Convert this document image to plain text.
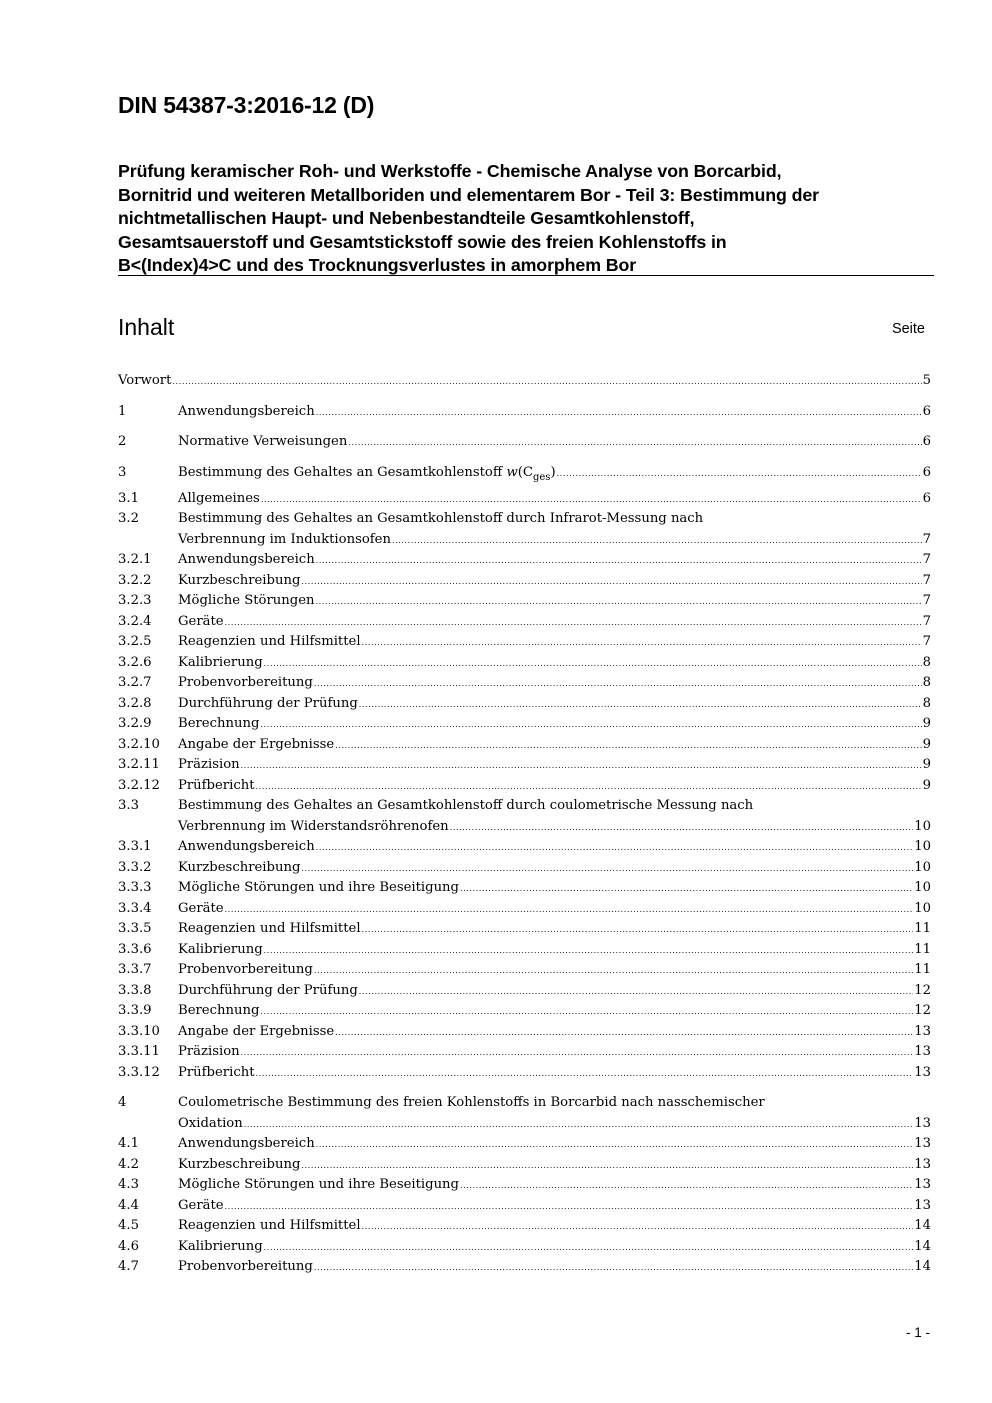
DIN 54387-3:2016-12 (D)
Prüfung keramischer Roh- und Werkstoffe - Chemische Analyse von Borcarbid,
Bornitrid und weiteren Metallboriden und elementarem Bor - Teil 3: Bestimmung der
nichtmetallischen Haupt- und Nebenbestandteile Gesamtkohlenstoff,
Gesamtsauerstoff und Gesamtstickstoff sowie des freien Kohlenstoffs in
B<(Index)4>C und des Trocknungsverlustes in amorphem Bor
Inhalt	Seite
Vorwort .....	5
1	Anwendungsbereich .....	6
2	Normative Verweisungen .....	6
3	Bestimmung des Gehaltes an Gesamtkohlenstoff $w(C_{ges})$ .....	6
3.1	Allgemeines .....	6
3.2	Bestimmung des Gehaltes an Gesamtkohlenstoff durch Infrarot-Messung nach
Verbrennung im Induktionsofen .....	7
3.2.1	Anwendungsbereich .....	7
3.2.2	Kurzbeschreibung .....	7
3.2.3	Mögliche Störungen .....	7
3.2.4	Geräte .....	7
3.2.5	Reagenzien und Hilfsmittel .....	7
3.2.6	Kalibrierung .....	8
3.2.7	Probenvorbereitung .....	8
3.2.8	Durchführung der Prüfung .....	8
3.2.9	Berechnung .....	9
3.2.10	Angabe der Ergebnisse .....	9
3.2.11	Präzision .....	9
3.2.12	Prüfbericht .....	9
3.3	Bestimmung des Gehaltes an Gesamtkohlenstoff durch coulometrische Messung nach
Verbrennung im Widerstandsröhrenofen .....	10
3.3.1	Anwendungsbereich .....	10
3.3.2	Kurzbeschreibung .....	10
3.3.3	Mögliche Störungen und ihre Beseitigung .....	10
3.3.4	Geräte .....	10
3.3.5	Reagenzien und Hilfsmittel .....	11
3.3.6	Kalibrierung .....	11
3.3.7	Probenvorbereitung .....	11
3.3.8	Durchführung der Prüfung .....	12
3.3.9	Berechnung .....	12
3.3.10	Angabe der Ergebnisse .....	13
3.3.11	Präzision .....	13
3.3.12	Prüfbericht .....	13
4	Coulometrische Bestimmung des freien Kohlenstoffs in Borcarbid nach nasschemischer
Oxidation .....	13
4.1	Anwendungsbereich .....	13
4.2	Kurzbeschreibung .....	13
4.3	Mögliche Störungen und ihre Beseitigung .....	13
4.4	Geräte .....	13
4.5	Reagenzien und Hilfsmittel .....	14
4.6	Kalibrierung .....	14
4.7	Probenvorbereitung .....	14
- 1 -
